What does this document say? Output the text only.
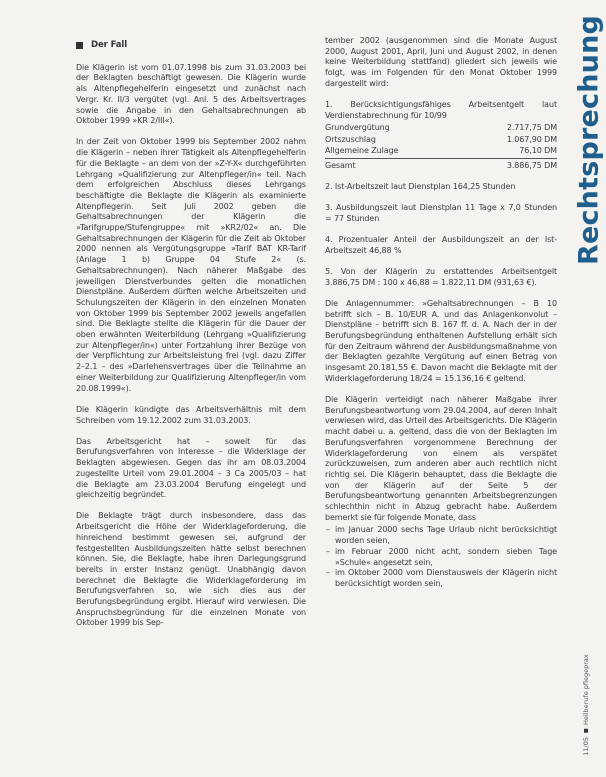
Der Fall

Die Klägerin ist vom 01.07.1998 bis zum 31.03.2003 bei der Beklagten beschäftigt gewesen. Die Klägerin wurde als Altenpflegehelferin eingesetzt und zunächst nach Vergr. Kr. II/3 vergütet (vgl. Anl. 5 des Arbeitsvertrages sowie die Angabe in den Gehaltsabrechnungen ab Oktober 1999 »KR 2/III«).

In der Zeit von Oktober 1999 bis September 2002 nahm die Klägerin – neben ihrer Tätigkeit als Altenpflegehelferin für die Beklagte – an dem von der »Z-Y-X« durchgeführten Lehrgang »Qualifizierung zur Altenpfleger/in« teil. Nach dem erfolgreichen Abschluss dieses Lehrgangs beschäftigte die Beklagte die Klägerin als examinierte Altenpflegerin. Seit Juli 2002 geben die Gehaltsabrechnungen der Klägerin die »Tarifgruppe/Stufengruppe« mit »KR2/02« an. Die Gehaltsabrechnungen der Klägerin für die Zeit ab Oktober 2000 nennen als Vergütungsgruppe »Tarif BAT KR-Tarif (Anlage 1 b) Gruppe 04 Stufe 2« (s. Gehaltsabrechnungen). Nach näherer Maßgabe des jeweiligen Dienstverbundes gelten die monatlichen Dienstpläne. Außerdem dürften welche Arbeitszeiten und Schulungszeiten der Klägerin in den einzelnen Monaten von Oktober 1999 bis September 2002 jeweils angefallen sind. Die Beklagte stellte die Klägerin für die Dauer der oben erwähnten Weiterbildung (Lehrgang »Qualifizierung zur Altenpfleger/in«) unter Fortzahlung ihrer Bezüge von der Verpflichtung zur Arbeitsleistung frei (vgl. dazu Ziffer 2–2.1 – des »Darlehensvertrages über die Teilnahme an einer Weiterbildung zur Qualifizierung Altenpfleger/in vom 20.08.1999«).

Die Klägerin kündigte das Arbeitsverhältnis mit dem Schreiben vom 19.12.2002 zum 31.03.2003.

Das Arbeitsgericht hat – soweit für das Berufungsverfahren von Interesse – die Widerklage der Beklagten abgewiesen. Gegen das ihr am 08.03.2004 zugestellte Urteil vom 29.01.2004 – 3 Ca 2005/03 – hat die Beklagte am 23.03.2004 Berufung eingelegt und gleichzeitig begründet.

Die Beklagte trägt durch insbesondere, dass das Arbeitsgericht die Höhe der Widerklageforderung, die hinreichend bestimmt gewesen sei, aufgrund der festgestellten Ausbildungszeiten hätte selbst berechnen können. Sie, die Beklagte, habe ihren Darlegungsgrund bereits in erster Instanz genügt. Unabhängig davon berechnet die Beklagte die Widerklageforderung im Berufungsverfahren so, wie sich dies aus der Berufungsbegründung ergibt. Hierauf wird verwiesen. Die Anspruchsbegründung für die einzelnen Monate von Oktober 1999 bis Sep-

tember 2002 (ausgenommen sind die Monate August 2000, August 2001, April, Juni und August 2002, in denen keine Weiterbildung stattfand) gliedert sich jeweils wie folgt, was im Folgenden für den Monat Oktober 1999 dargestellt wird:

1. Berücksichtigungsfähiges Arbeitsentgelt laut Verdienstabrechnung für 10/99

Grundvergütung	2.717,75 DM
Ortszuschlag	1.067,90 DM
Allgemeine Zulage	76,10 DM
Gesamt	3.886,75 DM

2. Ist-Arbeitszeit laut Dienstplan 164,25 Stunden

3. Ausbildungszeit laut Dienstplan 11 Tage x 7,0 Stunden = 77 Stunden

4. Prozentualer Anteil der Ausbildungszeit an der Ist-Arbeitszeit 46,88 %

5. Von der Klägerin zu erstattendes Arbeitsentgelt 3.886,75 DM : 100 x 46,88 = 1.822,11 DM (931,63 €).

Die Anlagennummer: »Gehaltsabrechnungen – B 10 betrifft sich – B. 10/EUR A. und das Anlagenkonvolut – Dienstpläne – betrifft sich B. 167 ff. d. A. Nach der in der Berufungsbegründung enthaltenen Aufstellung erhält sich für den Zeitraum während der Ausbildungsmaßnahme von der Beklagten gezahlte Vergütung auf einen Betrag von insgesamt 20.181,55 €. Davon macht die Beklagte mit der Widerklageforderung 18/24 = 15.136,16 € geltend.

Die Klägerin verteidigt nach näherer Maßgabe ihrer Berufungsbeantwortung vom 29.04.2004, auf deren Inhalt verwiesen wird, das Urteil des Arbeitsgerichts. Die Klägerin macht dabei u. a. geltend, dass die von der Beklagten im Berufungsverfahren vorgenommene Berechnung der Widerklageforderung von einem als verspätet zurückzuweisen, zum anderen aber auch rechtlich nicht richtig sei. Die Klägerin behauptet, dass die Beklagte die von der Klägerin auf der Seite 5 der Berufungsbeantwortung genannten Arbeitsbegrenzungen schlechthin nicht in Abzug gebracht habe. Außerdem bemerkt sie für folgende Monate, dass

– im Januar 2000 sechs Tage Urlaub nicht berücksichtigt worden seien,
– im Februar 2000 nicht acht, sondern sieben Tage »Schule« angesetzt sein,
– im Oktober 2000 vom Dienstausweis der Klägerin nicht berücksichtigt worden sein,
Rechtsprechung
11/05Heilberufe pflegeprax
